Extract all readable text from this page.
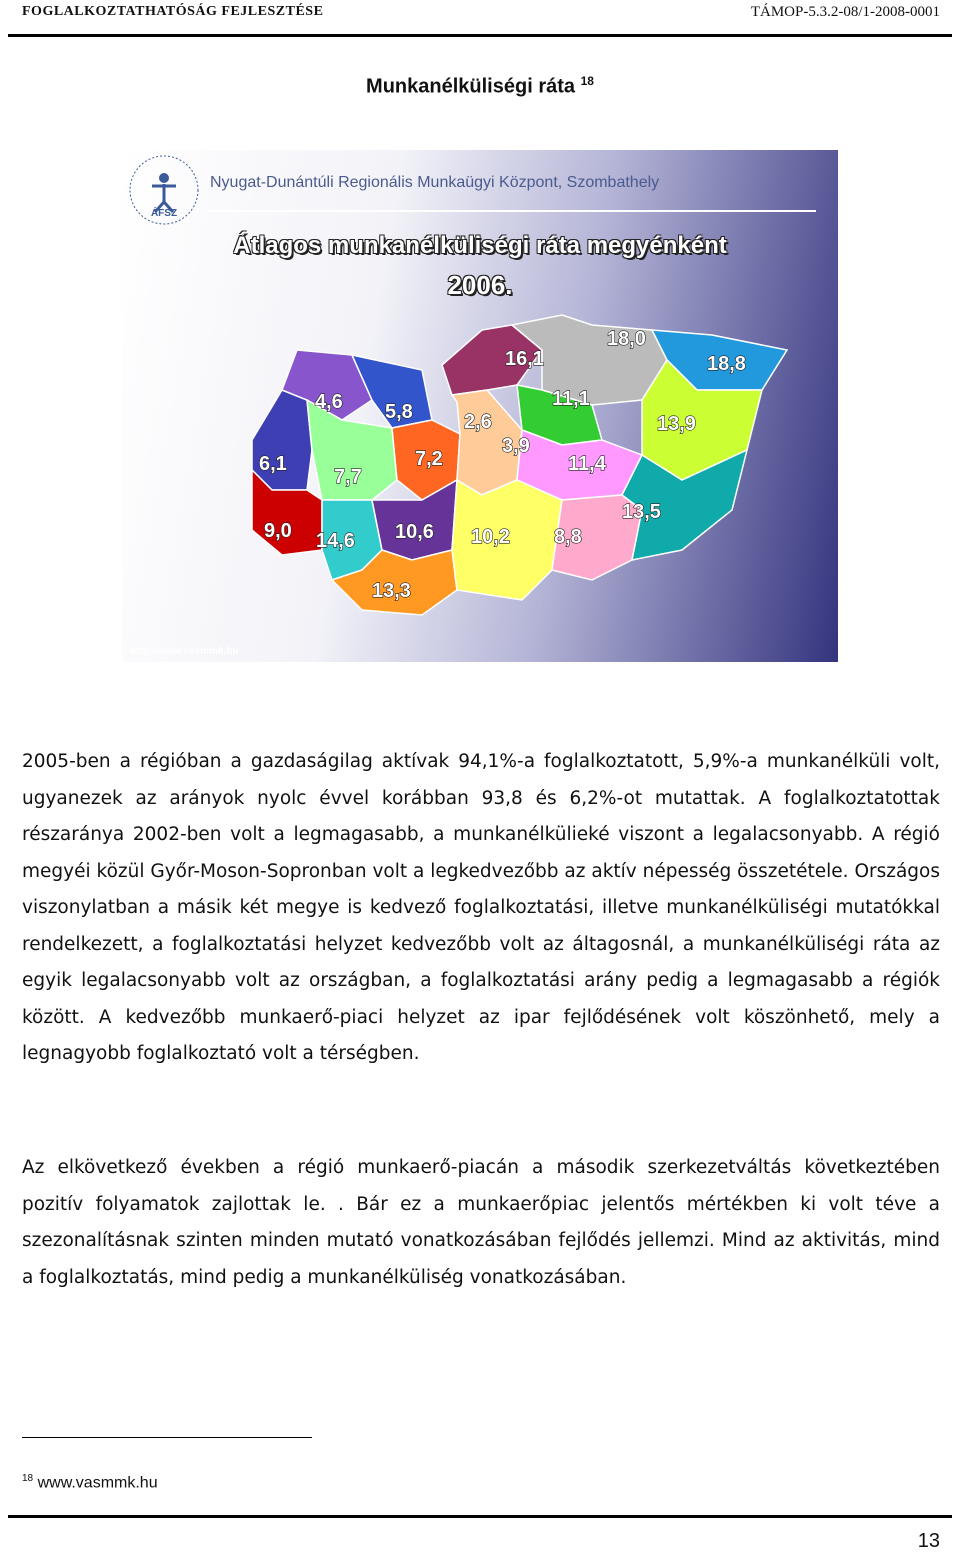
FOGLALKOZTATHATÓSÁG FEJLESZTÉSE	TÁMOP-5.3.2-08/1-2008-0001
Munkanélküliségi ráta $^{18}$
ÁFSZ
4,6 5,8	2,6
16,1
18,0
18,8
6,1
11,1
13,9
7,7
7,2
3,9
11,4
9,0 14,6 10,6 10,2 8,8
13,5
13,3
Nyugat-Dunántúli Regionális Munkaügyi Központ, Szombathely
Átlagos munkanélküliségi ráta megyénként
2006.
http://www.vasmmk.hu
2005-ben a régióban a gazdaságilag aktívak 94,1%-a foglalkoztatott, 5,9%-a munkanélküli volt, ugyanezek az arányok nyolc évvel korábban 93,8 és 6,2%-ot mutattak. A foglalkoztatottak részaránya 2002-ben volt a legmagasabb, a munkanélkülieké viszont a legalacsonyabb. A régió megyéi közül Győr-Moson-Sopronban volt a legkedvezőbb az aktív népesség összetétele. Országos viszonylatban a másik két megye is kedvező foglalkoztatási, illetve munkanélküliségi mutatókkal rendelkezett, a foglalkoztatási helyzet kedvezőbb volt az áltagosnál, a munkanélküliségi ráta az egyik legalacsonyabb volt az országban, a foglalkoztatási arány pedig a legmagasabb a régiók között. A kedvezőbb munkaerő-piaci helyzet az ipar fejlődésének volt köszönhető, mely a legnagyobb foglalkoztató volt a térségben.
Az elkövetkező években a régió munkaerő-piacán a második szerkezetváltás következtében pozitív folyamatok zajlottak le. . Bár ez a munkaerőpiac jelentős mértékben ki volt téve a szezonalításnak szinten minden mutató vonatkozásában fejlődés jellemzi. Mind az aktivitás, mind a foglalkoztatás, mind pedig a munkanélküliség vonatkozásában.
$^{18}$ www.vasmmk.hu
13
